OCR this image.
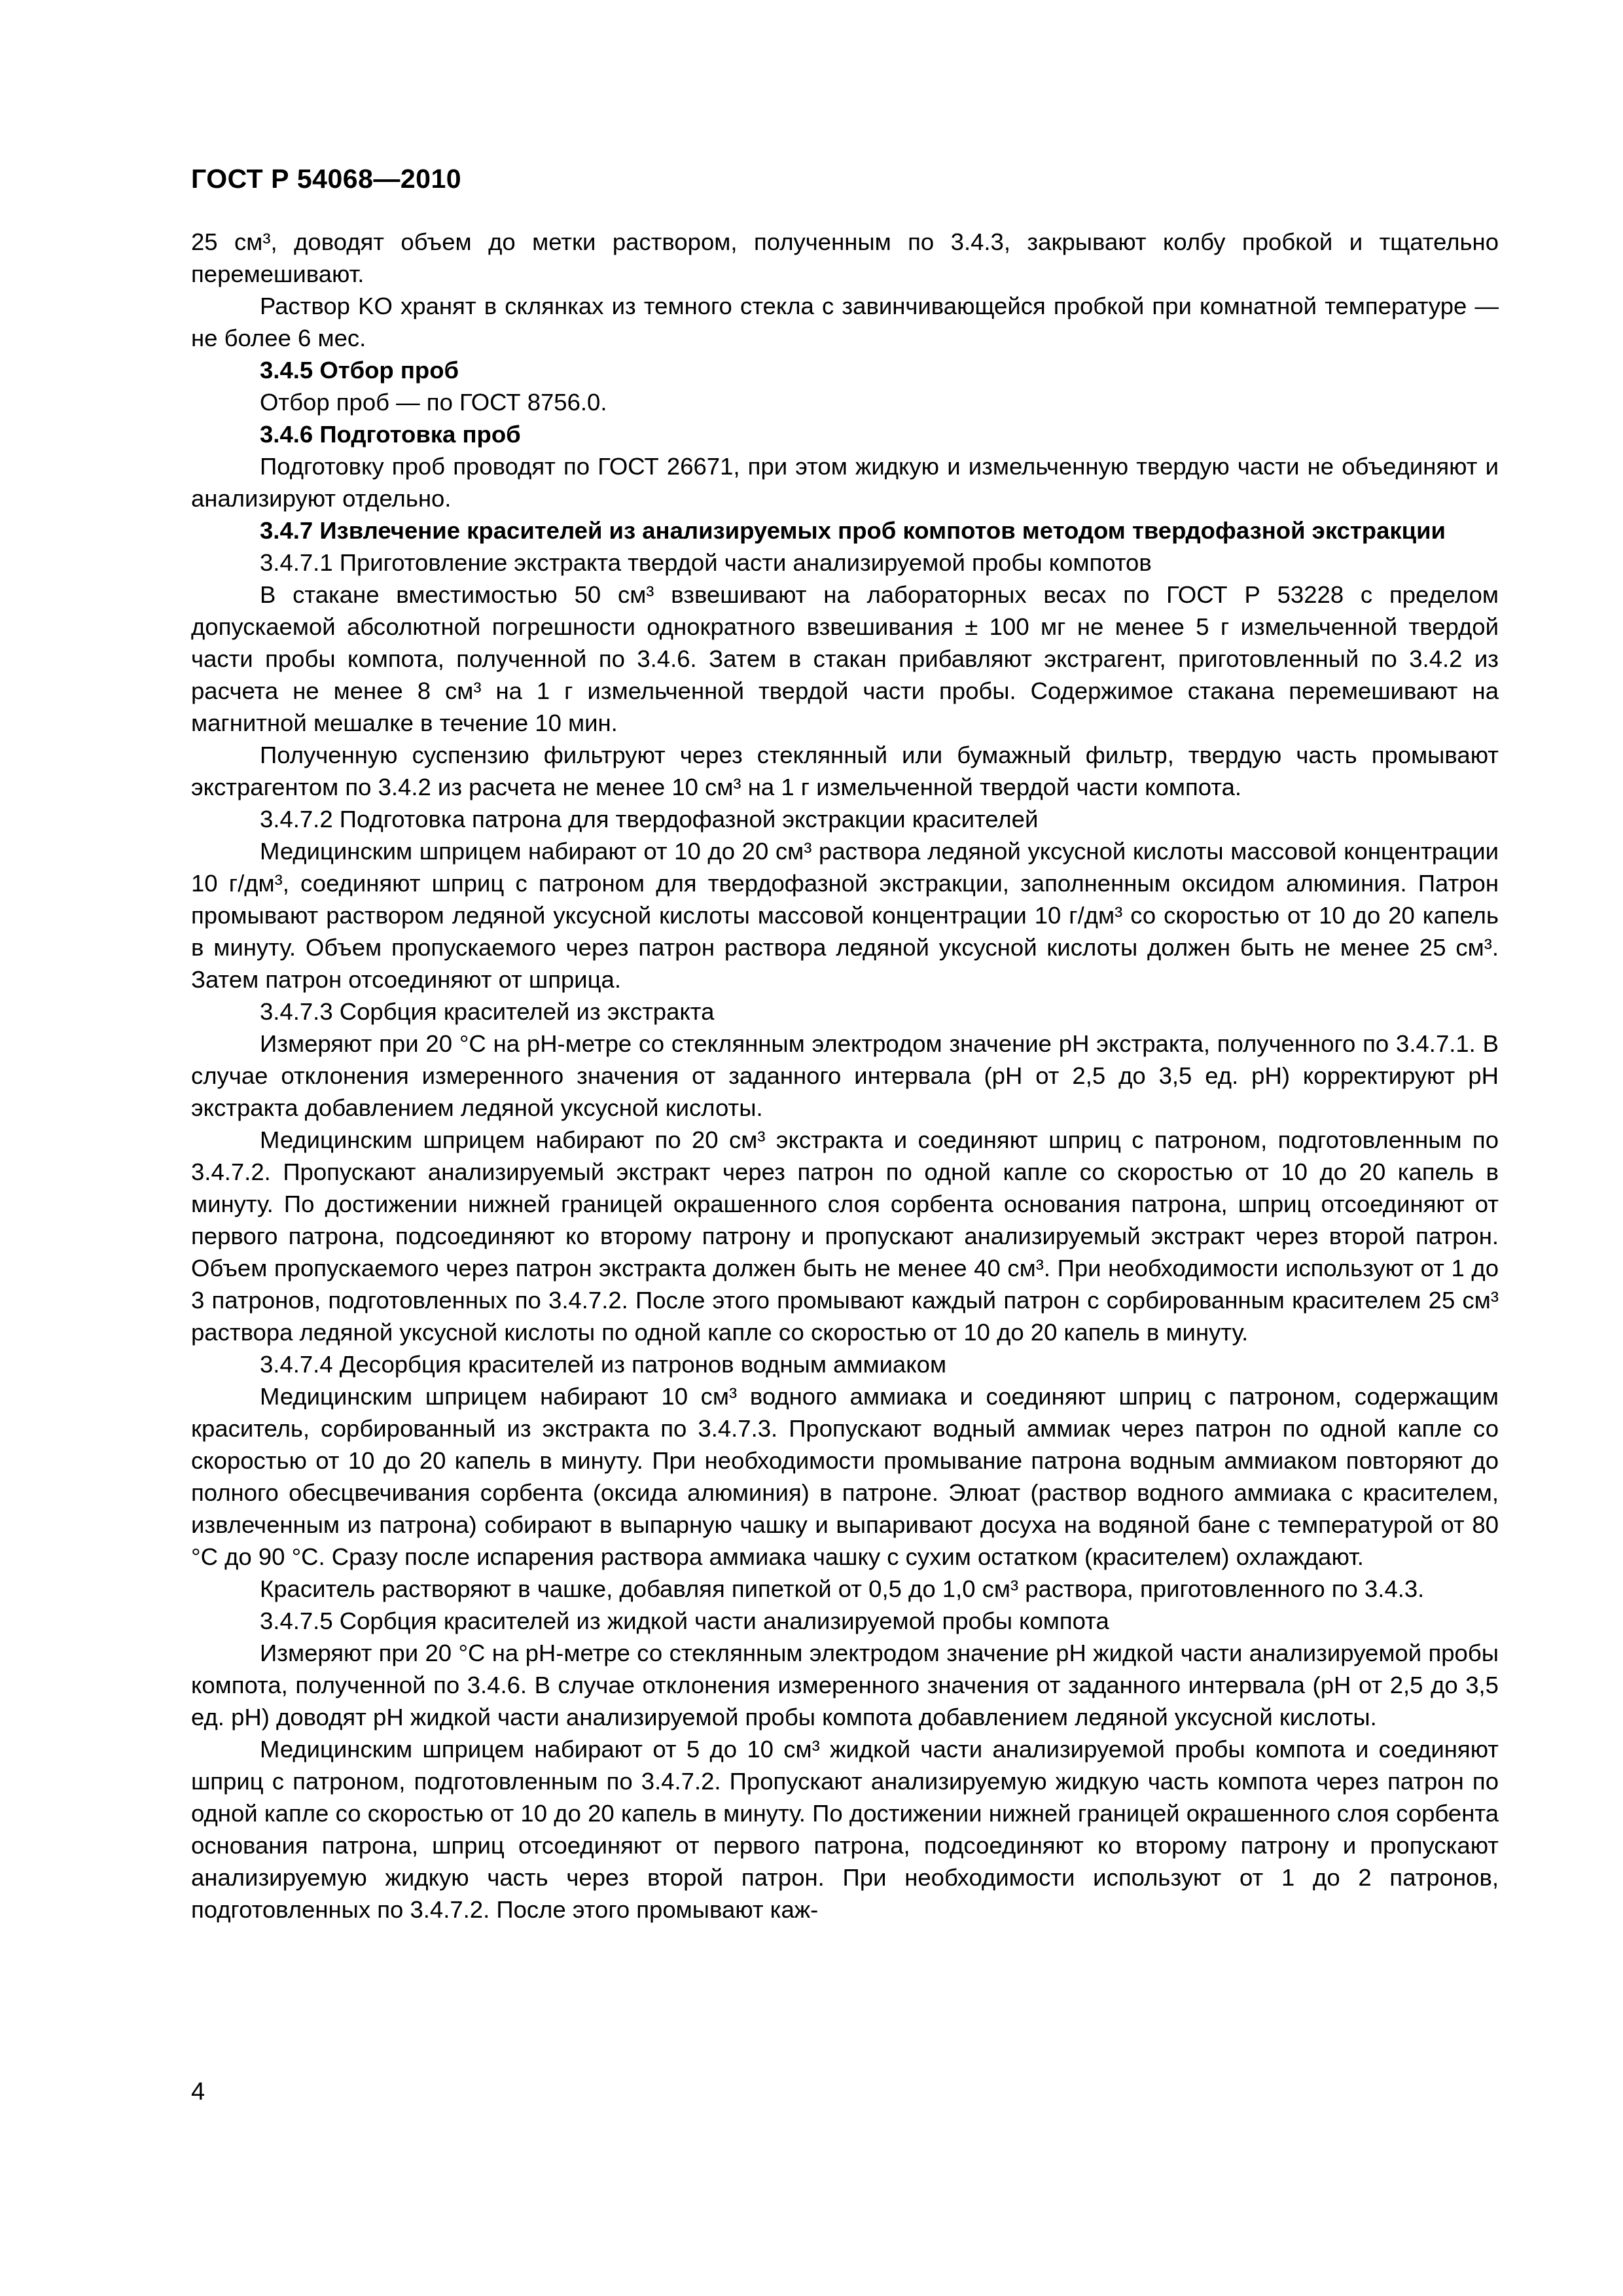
ГОСТ Р 54068—2010

25 см³, доводят объем до метки раствором, полученным по 3.4.3, закрывают колбу пробкой и тщательно перемешивают.

Раствор KO хранят в склянках из темного стекла с завинчивающейся пробкой при комнатной температуре — не более 6 мес.

3.4.5 Отбор проб

Отбор проб — по ГОСТ 8756.0.

3.4.6 Подготовка проб

Подготовку проб проводят по ГОСТ 26671, при этом жидкую и измельченную твердую части не объединяют и анализируют отдельно.

3.4.7 Извлечение красителей из анализируемых проб компотов методом твердофазной экстракции

3.4.7.1 Приготовление экстракта твердой части анализируемой пробы компотов

В стакане вместимостью 50 см³ взвешивают на лабораторных весах по ГОСТ Р 53228 с пределом допускаемой абсолютной погрешности однократного взвешивания ± 100 мг не менее 5 г измельченной твердой части пробы компота, полученной по 3.4.6. Затем в стакан прибавляют экстрагент, приготовленный по 3.4.2 из расчета не менее 8 см³ на 1 г измельченной твердой части пробы. Содержимое стакана перемешивают на магнитной мешалке в течение 10 мин.

Полученную суспензию фильтруют через стеклянный или бумажный фильтр, твердую часть промывают экстрагентом по 3.4.2 из расчета не менее 10 см³ на 1 г измельченной твердой части компота.

3.4.7.2 Подготовка патрона для твердофазной экстракции красителей

Медицинским шприцем набирают от 10 до 20 см³ раствора ледяной уксусной кислоты массовой концентрации 10 г/дм³, соединяют шприц с патроном для твердофазной экстракции, заполненным оксидом алюминия. Патрон промывают раствором ледяной уксусной кислоты массовой концентрации 10 г/дм³ со скоростью от 10 до 20 капель в минуту. Объем пропускаемого через патрон раствора ледяной уксусной кислоты должен быть не менее 25 см³. Затем патрон отсоединяют от шприца.

3.4.7.3 Сорбция красителей из экстракта

Измеряют при 20 °С на pH-метре со стеклянным электродом значение pH экстракта, полученного по 3.4.7.1. В случае отклонения измеренного значения от заданного интервала (pH от 2,5 до 3,5 ед. pH) корректируют pH экстракта добавлением ледяной уксусной кислоты.

Медицинским шприцем набирают по 20 см³ экстракта и соединяют шприц с патроном, подготовленным по 3.4.7.2. Пропускают анализируемый экстракт через патрон по одной капле со скоростью от 10 до 20 капель в минуту. По достижении нижней границей окрашенного слоя сорбента основания патрона, шприц отсоединяют от первого патрона, подсоединяют ко второму патрону и пропускают анализируемый экстракт через второй патрон. Объем пропускаемого через патрон экстракта должен быть не менее 40 см³. При необходимости используют от 1 до 3 патронов, подготовленных по 3.4.7.2. После этого промывают каждый патрон с сорбированным красителем 25 см³ раствора ледяной уксусной кислоты по одной капле со скоростью от 10 до 20 капель в минуту.

3.4.7.4 Десорбция красителей из патронов водным аммиаком

Медицинским шприцем набирают 10 см³ водного аммиака и соединяют шприц с патроном, содержащим краситель, сорбированный из экстракта по 3.4.7.3. Пропускают водный аммиак через патрон по одной капле со скоростью от 10 до 20 капель в минуту. При необходимости промывание патрона водным аммиаком повторяют до полного обесцвечивания сорбента (оксида алюминия) в патроне. Элюат (раствор водного аммиака с красителем, извлеченным из патрона) собирают в выпарную чашку и выпаривают досуха на водяной бане с температурой от 80 °С до 90 °С. Сразу после испарения раствора аммиака чашку с сухим остатком (красителем) охлаждают.

Краситель растворяют в чашке, добавляя пипеткой от 0,5 до 1,0 см³ раствора, приготовленного по 3.4.3.

3.4.7.5 Сорбция красителей из жидкой части анализируемой пробы компота

Измеряют при 20 °С на pH-метре со стеклянным электродом значение pH жидкой части анализируемой пробы компота, полученной по 3.4.6. В случае отклонения измеренного значения от заданного интервала (pH от 2,5 до 3,5 ед. pH) доводят pH жидкой части анализируемой пробы компота добавлением ледяной уксусной кислоты.

Медицинским шприцем набирают от 5 до 10 см³ жидкой части анализируемой пробы компота и соединяют шприц с патроном, подготовленным по 3.4.7.2. Пропускают анализируемую жидкую часть компота через патрон по одной капле со скоростью от 10 до 20 капель в минуту. По достижении нижней границей окрашенного слоя сорбента основания патрона, шприц отсоединяют от первого патрона, подсоединяют ко второму патрону и пропускают анализируемую жидкую часть через второй патрон. При необходимости используют от 1 до 2 патронов, подготовленных по 3.4.7.2. После этого промывают каж-

4
